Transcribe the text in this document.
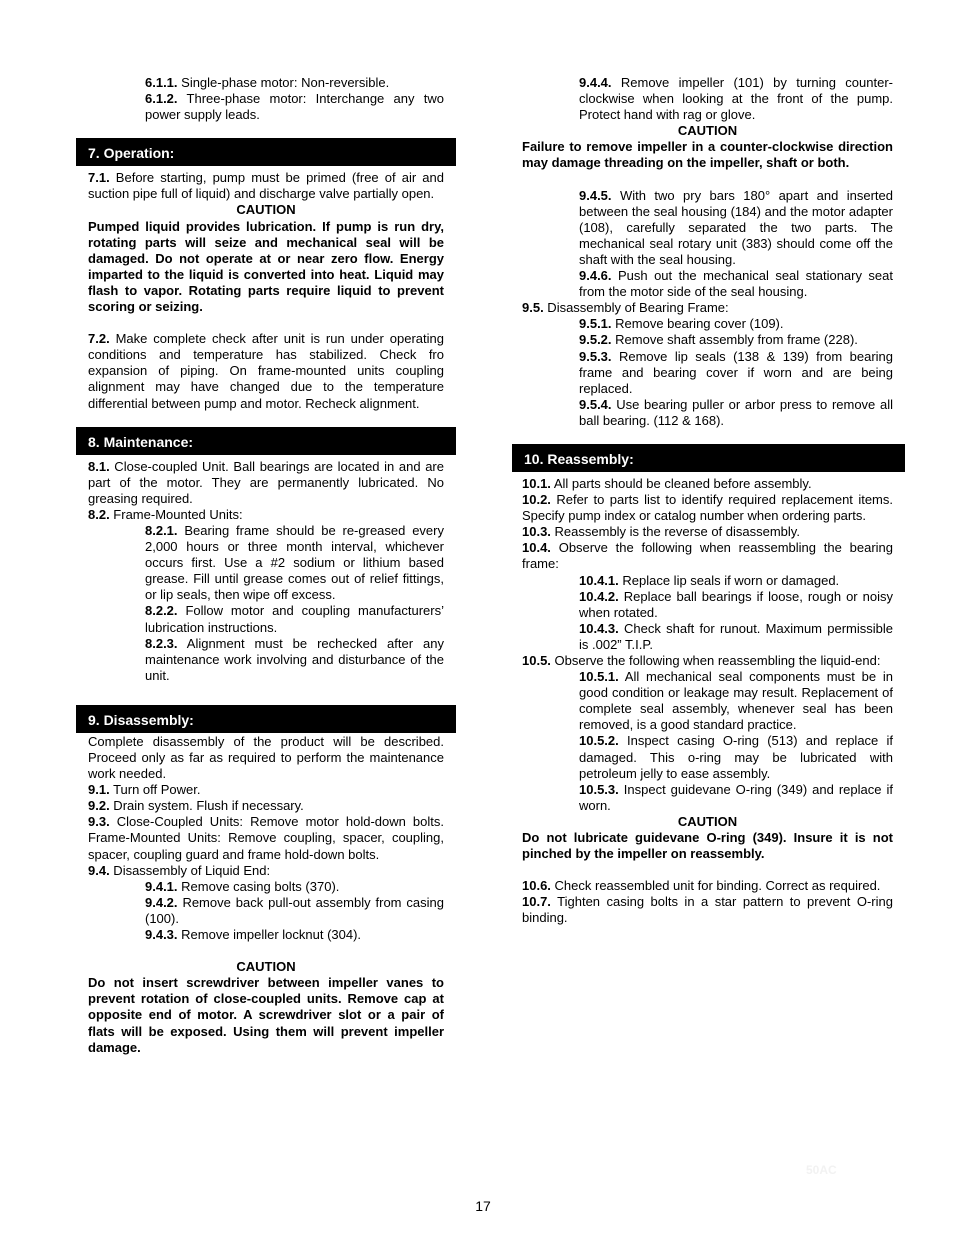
6.1.1. Single-phase motor: Non-reversible.

6.1.2. Three-phase motor: Interchange any two power supply leads.

7. Operation:

7.1. Before starting, pump must be primed (free of air and suction pipe full of liquid) and discharge valve partially open.

CAUTION

Pumped liquid provides lubrication. If pump is run dry, rotating parts will seize and mechanical seal will be damaged. Do not operate at or near zero flow. Energy imparted to the liquid is converted into heat. Liquid may flash to vapor. Rotating parts require liquid to prevent scoring or seizing.

7.2. Make complete check after unit is run under operating conditions and temperature has stabilized. Check fro expansion of piping. On frame-mounted units coupling alignment may have changed due to the temperature differential between pump and motor. Recheck alignment.

8. Maintenance:

8.1. Close-coupled Unit. Ball bearings are located in and are part of the motor. They are permanently lubricated. No greasing required.

8.2. Frame-Mounted Units:

8.2.1. Bearing frame should be re-greased every 2,000 hours or three month interval, whichever occurs first. Use a #2 sodium or lithium based grease. Fill until grease comes out of relief fittings, or lip seals, then wipe off excess.

8.2.2. Follow motor and coupling manufacturers’ lubrication instructions.

8.2.3. Alignment must be rechecked after any maintenance work involving and disturbance of the unit.

9. Disassembly:

Complete disassembly of the product will be described. Proceed only as far as required to perform the maintenance work needed.

9.1. Turn off Power.

9.2. Drain system. Flush if necessary.

9.3. Close-Coupled Units: Remove motor hold-down bolts. Frame-Mounted Units: Remove coupling, spacer, coupling, spacer, coupling guard and frame hold-down bolts.

9.4. Disassembly of Liquid End:

9.4.1. Remove casing bolts (370).

9.4.2. Remove back pull-out assembly from casing (100).

9.4.3. Remove impeller locknut (304).

CAUTION

Do not insert screwdriver between impeller vanes to prevent rotation of close-coupled units. Remove cap at opposite end of motor. A screwdriver slot or a pair of flats will be exposed. Using them will prevent impeller damage.

9.4.4. Remove impeller (101) by turning counter-clockwise when looking at the front of the pump. Protect hand with rag or glove.

CAUTION

Failure to remove impeller in a counter-clockwise direction may damage threading on the impeller, shaft or both.

9.4.5. With two pry bars 180° apart and inserted between the seal housing (184) and the motor adapter (108), carefully separated the two parts. The mechanical seal rotary unit (383) should come off the shaft with the seal housing.

9.4.6. Push out the mechanical seal stationary seat from the motor side of the seal housing.

9.5. Disassembly of Bearing Frame:

9.5.1. Remove bearing cover (109).

9.5.2. Remove shaft assembly from frame (228).

9.5.3. Remove lip seals (138 & 139) from bearing frame and bearing cover if worn and are being replaced.

9.5.4. Use bearing puller or arbor press to remove all ball bearing. (112 & 168).

10. Reassembly:

10.1. All parts should be cleaned before assembly.

10.2. Refer to parts list to identify required replacement items. Specify pump index or catalog number when ordering parts.

10.3. Reassembly is the reverse of disassembly.

10.4. Observe the following when reassembling the bearing frame:

10.4.1. Replace lip seals if worn or damaged.

10.4.2. Replace ball bearings if loose, rough or noisy when rotated.

10.4.3. Check shaft for runout. Maximum permissible is .002” T.I.P.

10.5. Observe the following when reassembling the liquid-end:

10.5.1. All mechanical seal components must be in good condition or leakage may result. Replacement of complete seal assembly, whenever seal has been removed, is a good standard practice.

10.5.2. Inspect casing O-ring (513) and replace if damaged. This o-ring may be lubricated with petroleum jelly to ease assembly.

10.5.3. Inspect guidevane O-ring (349) and replace if worn.

CAUTION

Do not lubricate guidevane O-ring (349). Insure it is not pinched by the impeller on reassembly.

10.6. Check reassembled unit for binding. Correct as required.

10.7. Tighten casing bolts in a star pattern to prevent O-ring binding.

50AC
17
